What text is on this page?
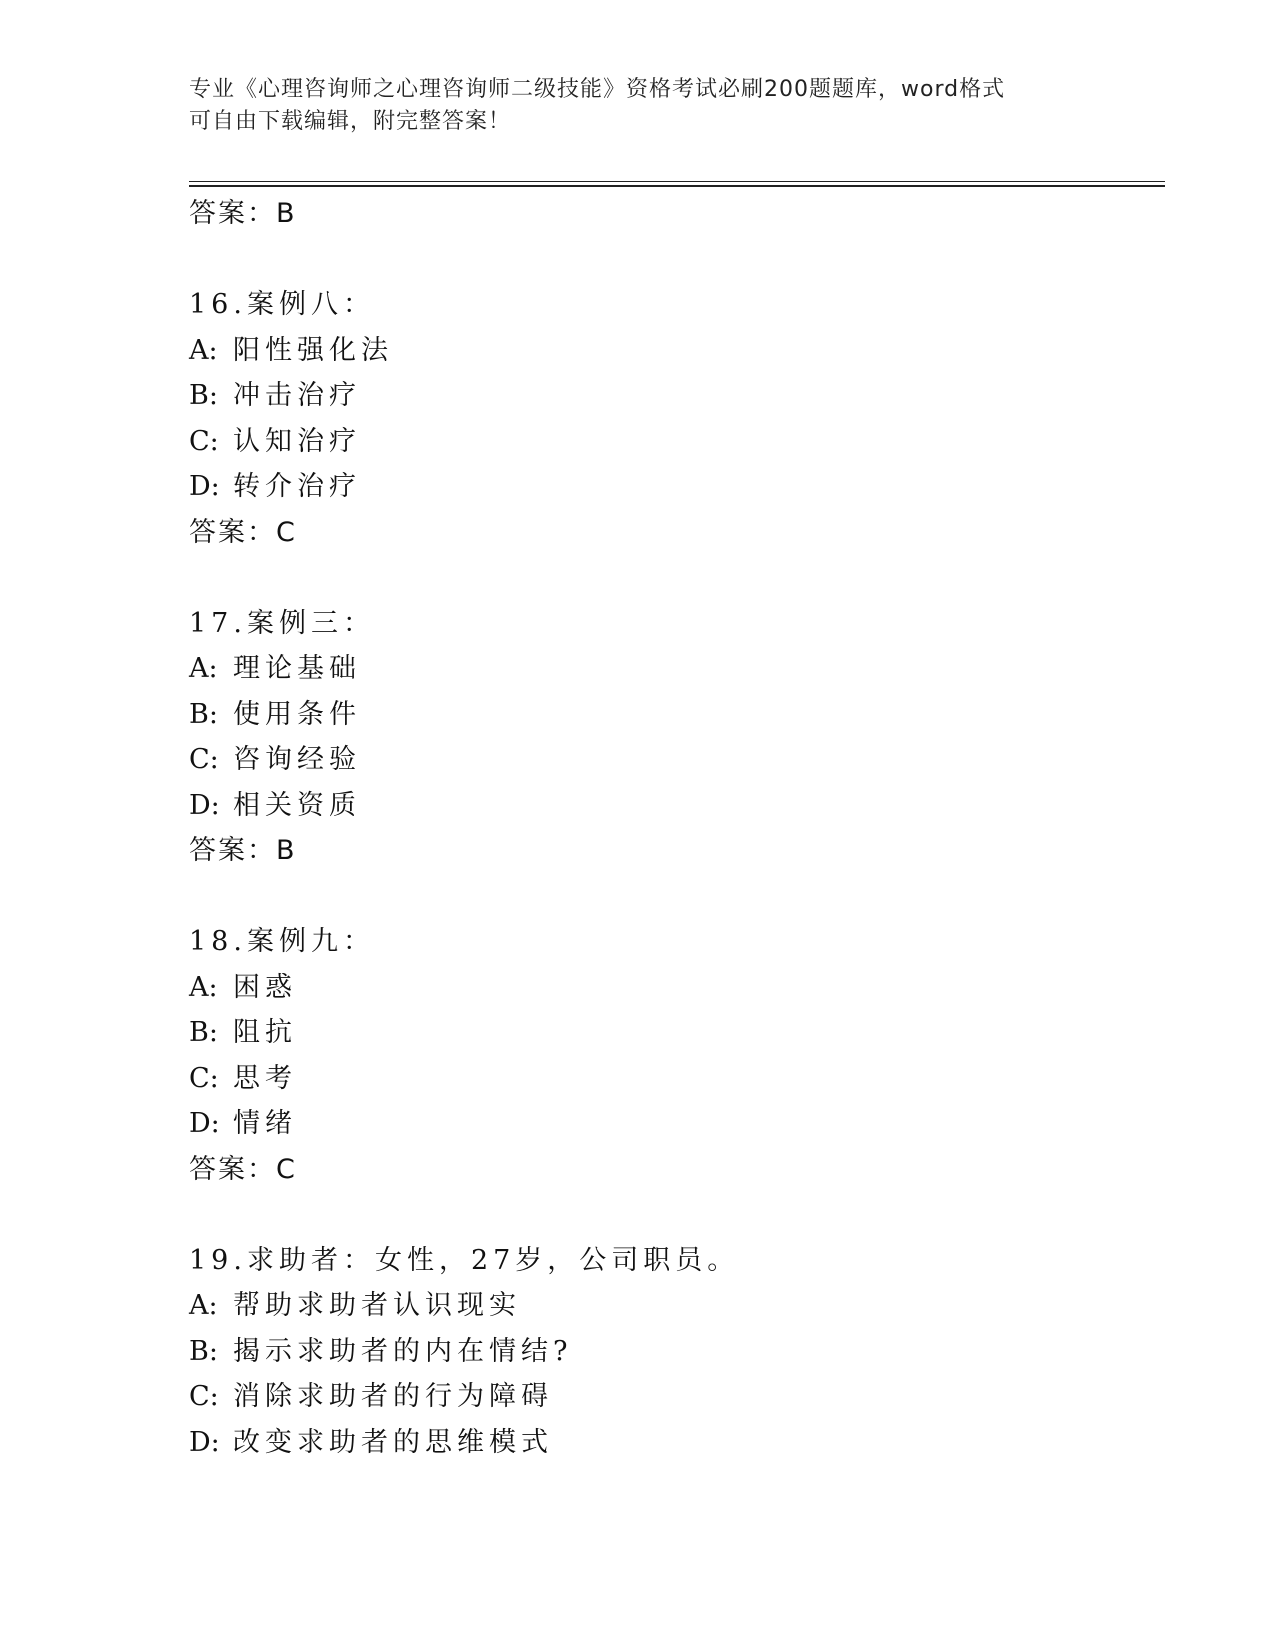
专业《心理咨询师之心理咨询师二级技能》资格考试必刷200题题库，word格式
可自由下载编辑，附完整答案！
答案：B
16.案例八：
A: 阳性强化法
B: 冲击治疗
C: 认知治疗
D: 转介治疗
答案：C
17.案例三：
A: 理论基础
B: 使用条件
C: 咨询经验
D: 相关资质
答案：B
18.案例九：
A: 困惑
B: 阻抗
C: 思考
D: 情绪
答案：C
19.求助者：女性，27岁，公司职员。
A: 帮助求助者认识现实
B: 揭示求助者的内在情结?
C: 消除求助者的行为障碍
D: 改变求助者的思维模式
